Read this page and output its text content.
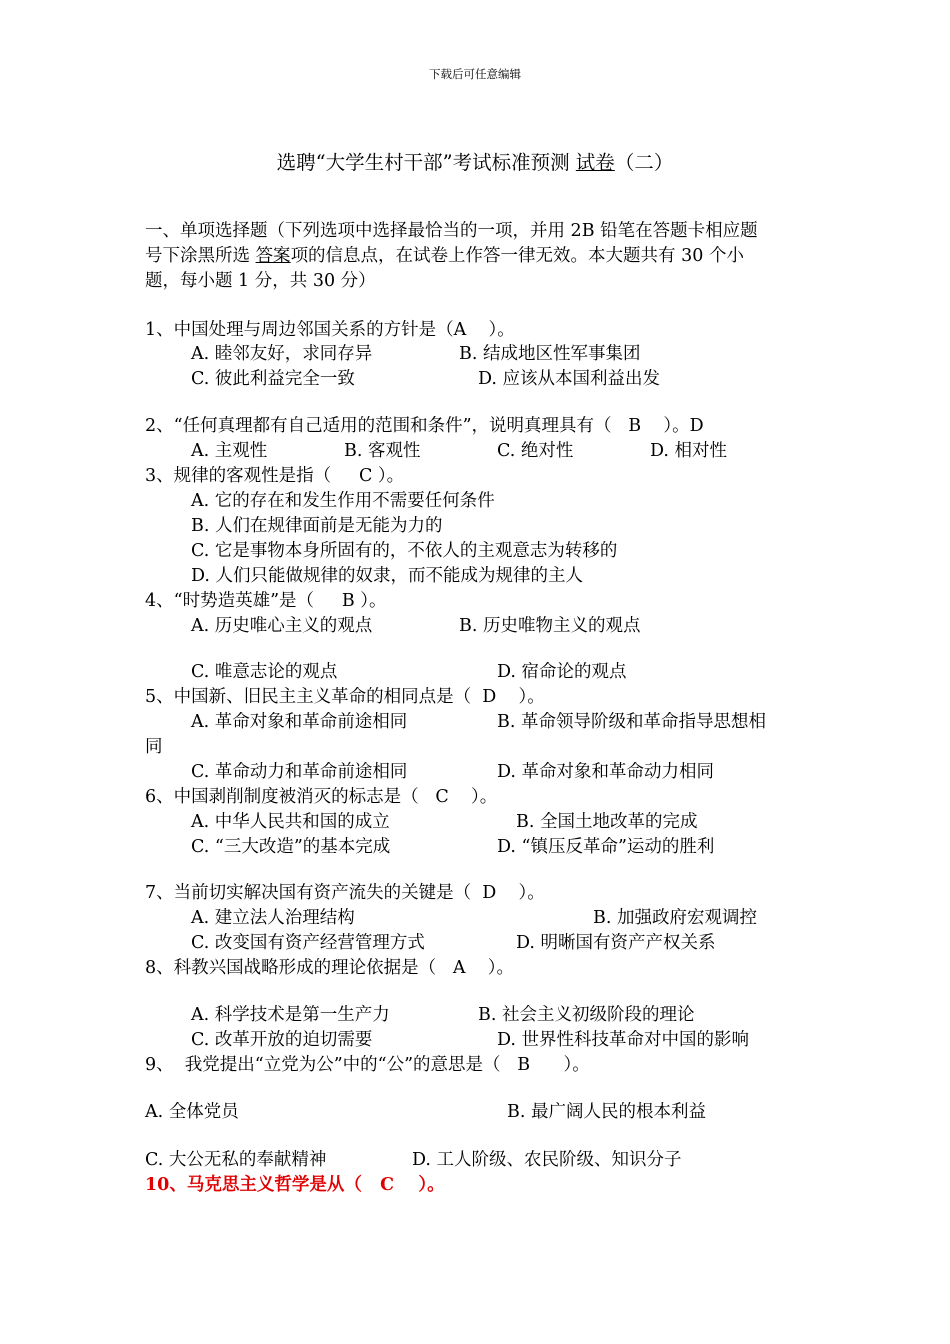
下载后可任意编辑
选聘“大学生村干部”考试标准预测 试卷（二）
一、单项选择题（下列选项中选择最恰当的一项，并用 2B 铅笔在答题卡相应题
号下涂黑所选 答案项的信息点，在试卷上作答一律无效。本大题共有 30 个小
题，每小题 1 分，共 30 分）
1、中国处理与周边邻国关系的方针是（A    ）。
A. 睦邻友好，求同存异	B. 结成地区性军事集团
C. 彼此利益完全一致	D. 应该从本国利益出发
2、“任何真理都有自己适用的范围和条件”，说明真理具有（   B    ）。D
A. 主观性	B. 客观性	C. 绝对性	D. 相对性
3、规律的客观性是指（     C ）。
A. 它的存在和发生作用不需要任何条件
B. 人们在规律面前是无能为力的
C. 它是事物本身所固有的，不依人的主观意志为转移的
D. 人们只能做规律的奴隶，而不能成为规律的主人
4、“时势造英雄”是（     B ）。
A. 历史唯心主义的观点	B. 历史唯物主义的观点
C. 唯意志论的观点	D. 宿命论的观点
5、中国新、旧民主主义革命的相同点是（  D    ）。
A. 革命对象和革命前途相同	B. 革命领导阶级和革命指导思想相
同
C. 革命动力和革命前途相同	D. 革命对象和革命动力相同
6、中国剥削制度被消灭的标志是（   C    ）。
A. 中华人民共和国的成立	B. 全国土地改革的完成
C. “三大改造”的基本完成	D. “镇压反革命”运动的胜利
7、当前切实解决国有资产流失的关键是（  D    ）。
A. 建立法人治理结构	B. 加强政府宏观调控
C. 改变国有资产经营管理方式	D. 明晰国有资产产权关系
8、科教兴国战略形成的理论依据是（   A    ）。
A. 科学技术是第一生产力	B. 社会主义初级阶段的理论
C. 改革开放的迫切需要	D. 世界性科技革命对中国的影响
9、  我党提出“立党为公”中的“公”的意思是（   B      ）。
A. 全体党员	B. 最广阔人民的根本利益
C. 大公无私的奉献精神	D. 工人阶级、农民阶级、知识分子
10、马克思主义哲学是从（   C    ）。
